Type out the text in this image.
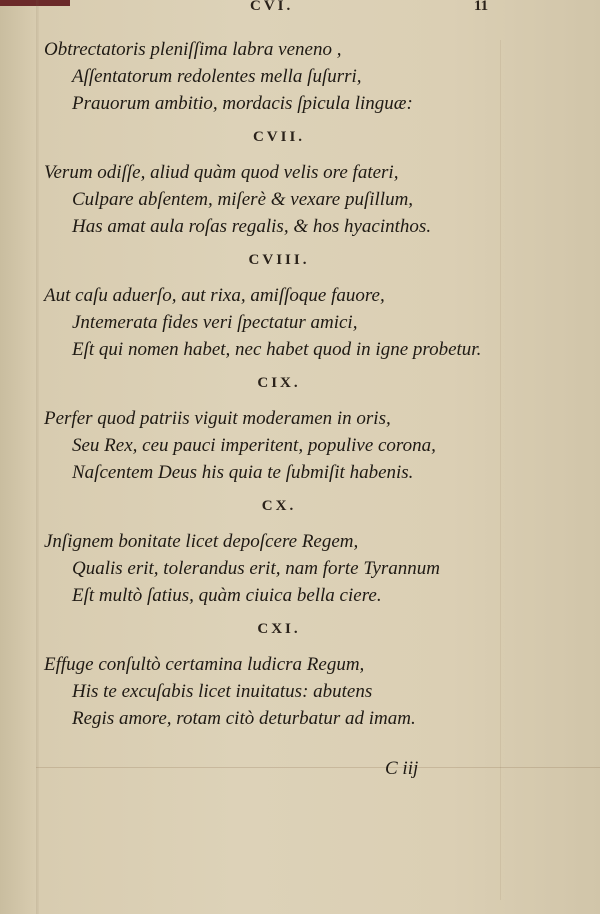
CVI.	11
Obtrectatoris pleniſſima labra veneno ,
Aſſentatorum redolentes mella ſuſurri,
Prauorum ambitio, mordacis ſpicula linguæ:
CVII.
Verum odiſſe, aliud quàm quod velis ore fateri,
Culpare abſentem, miſerè & vexare puſillum,
Has amat aula roſas regalis, & hos hyacinthos.
CVIII.
Aut caſu aduerſo, aut rixa, amiſſoque fauore,
Jntemerata fides veri ſpectatur amici,
Eſt qui nomen habet, nec habet quod in igne probetur.
CIX.
Perfer quod patriis viguit moderamen in oris,
Seu Rex, ceu pauci imperitent, populive corona,
Naſcentem Deus his quia te ſubmiſit habenis.
CX.
Jnſignem bonitate licet depoſcere Regem,
Qualis erit, tolerandus erit, nam forte Tyrannum
Eſt multò ſatius, quàm ciuica bella ciere.
CXI.
Effuge conſultò certamina ludicra Regum,
His te excuſabis licet inuitatus: abutens
Regis amore, rotam citò deturbatur ad imam.
C iij
